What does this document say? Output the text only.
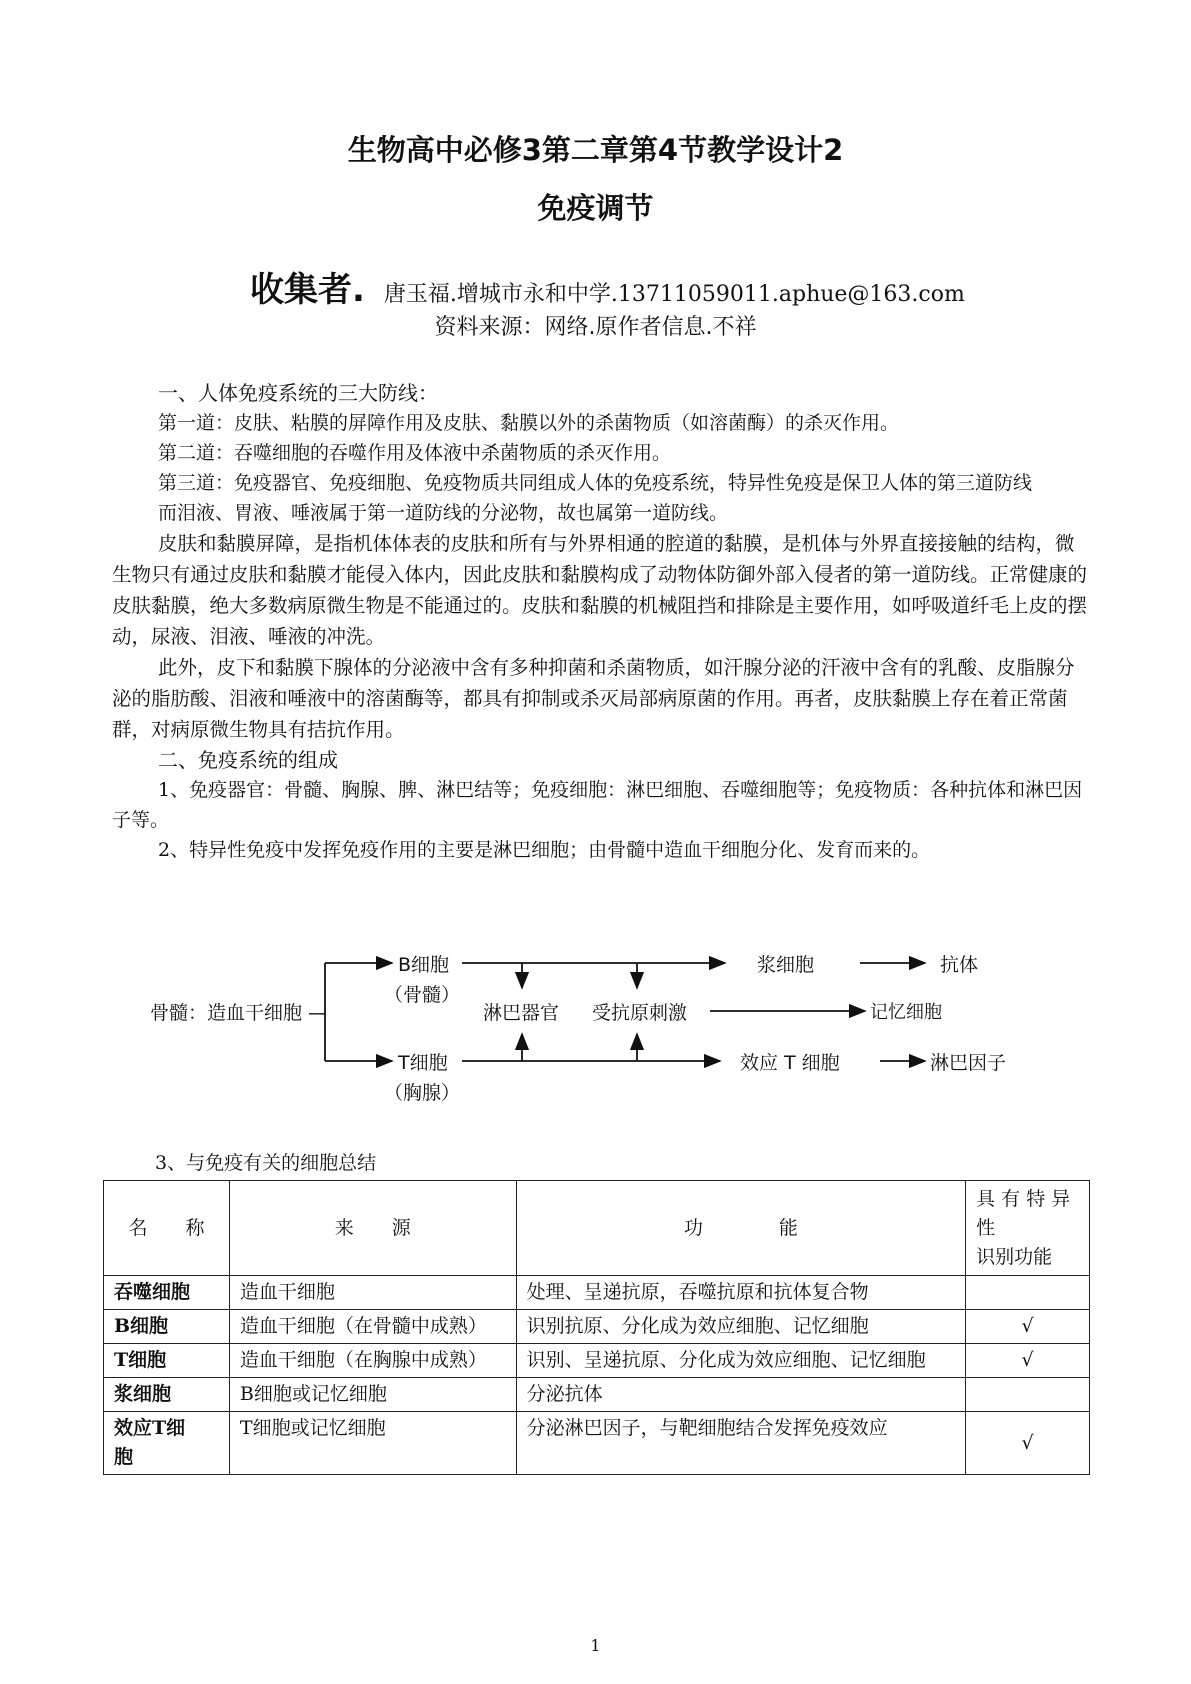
生物高中必修3第二章第4节教学设计2
免疫调节
收集者. 唐玉福.增城市永和中学.13711059011.aphue@163.com
资料来源：网络.原作者信息.不祥

一、人体免疫系统的三大防线：

第一道：皮肤、粘膜的屏障作用及皮肤、黏膜以外的杀菌物质（如溶菌酶）的杀灭作用。

第二道：吞噬细胞的吞噬作用及体液中杀菌物质的杀灭作用。

第三道：免疫器官、免疫细胞、免疫物质共同组成人体的免疫系统，特异性免疫是保卫人体的第三道防线

而泪液、胃液、唾液属于第一道防线的分泌物，故也属第一道防线。

皮肤和黏膜屏障，是指机体体表的皮肤和所有与外界相通的腔道的黏膜，是机体与外界直接接触的结构，微生物只有通过皮肤和黏膜才能侵入体内，因此皮肤和黏膜构成了动物体防御外部入侵者的第一道防线。正常健康的皮肤黏膜，绝大多数病原微生物是不能通过的。皮肤和黏膜的机械阻挡和排除是主要作用，如呼吸道纤毛上皮的摆动，尿液、泪液、唾液的冲洗。

此外，皮下和黏膜下腺体的分泌液中含有多种抑菌和杀菌物质，如汗腺分泌的汗液中含有的乳酸、皮脂腺分泌的脂肪酸、泪液和唾液中的溶菌酶等，都具有抑制或杀灭局部病原菌的作用。再者，皮肤黏膜上存在着正常菌群，对病原微生物具有拮抗作用。

二、免疫系统的组成

1、免疫器官：骨髓、胸腺、脾、淋巴结等；免疫细胞：淋巴细胞、吞噬细胞等；免疫物质：各种抗体和淋巴因子等。

2、特异性免疫中发挥免疫作用的主要是淋巴细胞；由骨髓中造血干细胞分化、发育而来的。

骨髓：造血干细胞 —
B细胞
（骨髓）
T细胞
（胸腺）
淋巴器官 受抗原刺激
浆细胞	抗体
记忆细胞
效应 T 细胞	淋巴因子
3、与免疫有关的细胞总结
名　　称	来　　源	功　　　　能	具 有 特 异
性
识别功能

吞噬细胞	造血干细胞	处理、呈递抗原，吞噬抗原和抗体复合物	
B细胞	造血干细胞（在骨髓中成熟）	识别抗原、分化成为效应细胞、记忆细胞	√
T细胞	造血干细胞（在胸腺中成熟）	识别、呈递抗原、分化成为效应细胞、记忆细胞	√
浆细胞	B细胞或记忆细胞	分泌抗体	
效应T细胞	T细胞或记忆细胞	分泌淋巴因子，与靶细胞结合发挥免疫效应	√
1
